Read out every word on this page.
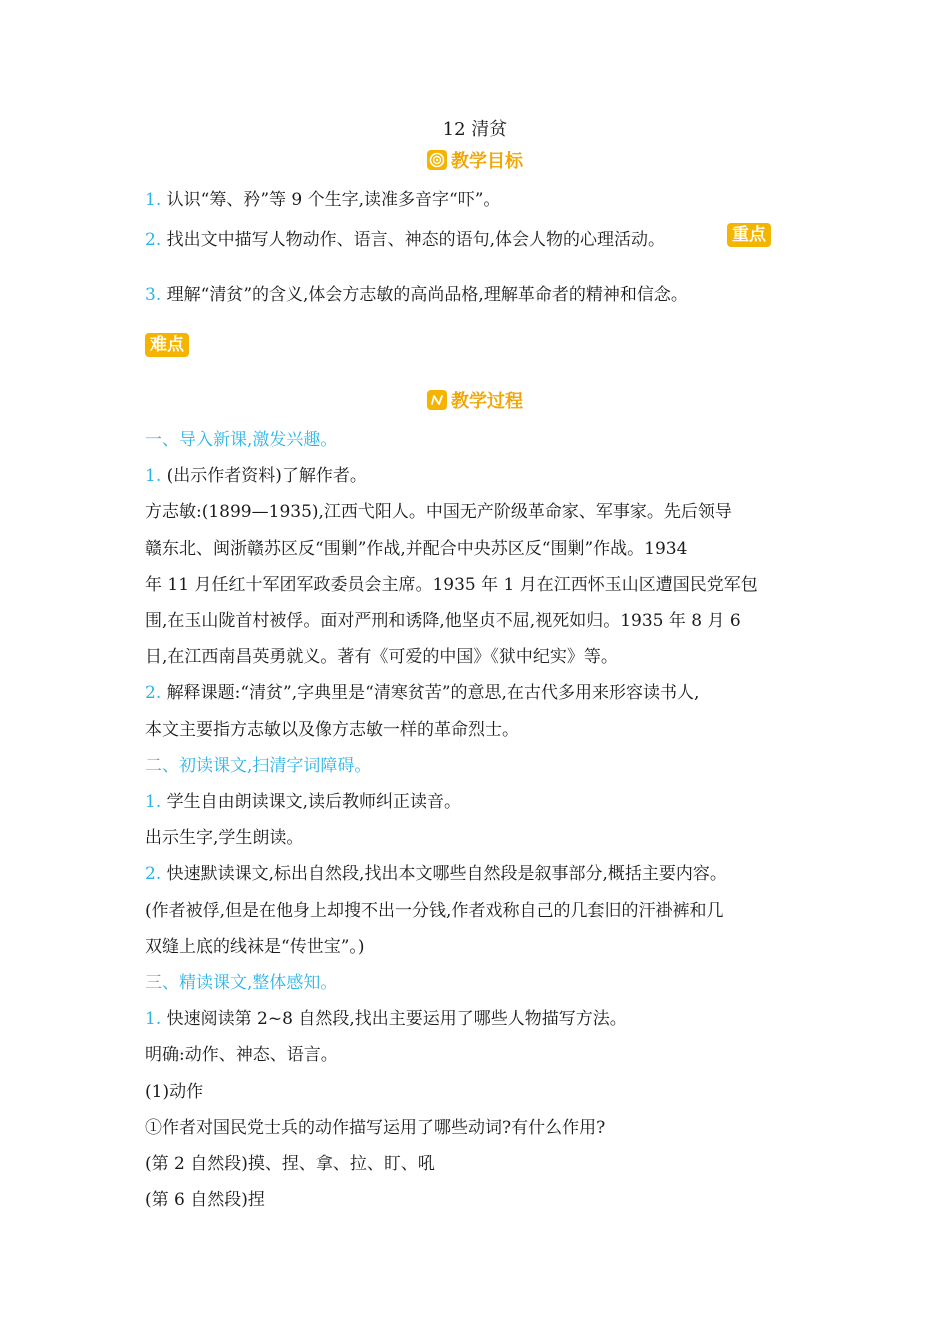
12 清贫
教学目标
1. 认识“筹、矜”等 9 个生字,读准多音字“吓”。
2. 找出文中描写人物动作、语言、神态的语句,体会人物的心理活动。	重点
3. 理解“清贫”的含义,体会方志敏的高尚品格,理解革命者的精神和信念。
难点
教学过程
一、导入新课,激发兴趣。
1. (出示作者资料)了解作者。
方志敏:(1899—1935),江西弋阳人。中国无产阶级革命家、军事家。先后领导
赣东北、闽浙赣苏区反“围剿”作战,并配合中央苏区反“围剿”作战。1934
年 11 月任红十军团军政委员会主席。1935 年 1 月在江西怀玉山区遭国民党军包
围,在玉山陇首村被俘。面对严刑和诱降,他坚贞不屈,视死如归。1935 年 8 月 6
日,在江西南昌英勇就义。著有《可爱的中国》《狱中纪实》等。
2. 解释课题:“清贫”,字典里是“清寒贫苦”的意思,在古代多用来形容读书人,
本文主要指方志敏以及像方志敏一样的革命烈士。
二、初读课文,扫清字词障碍。
1. 学生自由朗读课文,读后教师纠正读音。
出示生字,学生朗读。
2. 快速默读课文,标出自然段,找出本文哪些自然段是叙事部分,概括主要内容。
(作者被俘,但是在他身上却搜不出一分钱,作者戏称自己的几套旧的汗褂裤和几
双缝上底的线袜是“传世宝”。)
三、精读课文,整体感知。
1. 快速阅读第 2~8 自然段,找出主要运用了哪些人物描写方法。
明确:动作、神态、语言。
(1)动作
①作者对国民党士兵的动作描写运用了哪些动词?有什么作用?
(第 2 自然段)摸、捏、拿、拉、盯、吼
(第 6 自然段)捏
